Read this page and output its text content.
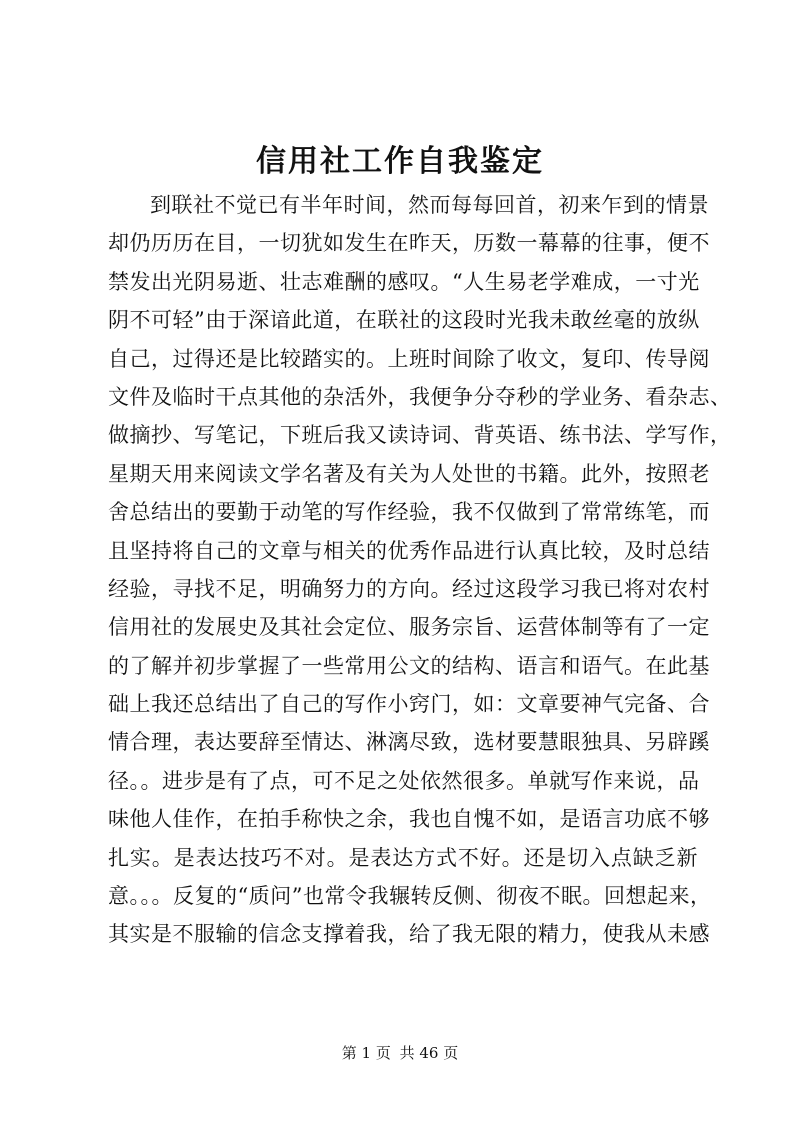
信用社工作自我鉴定
到联社不觉已有半年时间，然而每每回首，初来乍到的情景
却仍历历在目，一切犹如发生在昨天，历数一幕幕的往事，便不
禁发出光阴易逝、壮志难酬的感叹。“人生易老学难成，一寸光
阴不可轻”由于深谙此道，在联社的这段时光我未敢丝毫的放纵
自己，过得还是比较踏实的。上班时间除了收文，复印、传导阅
文件及临时干点其他的杂活外，我便争分夺秒的学业务、看杂志、
做摘抄、写笔记，下班后我又读诗词、背英语、练书法、学写作，
星期天用来阅读文学名著及有关为人处世的书籍。此外，按照老
舍总结出的要勤于动笔的写作经验，我不仅做到了常常练笔，而
且坚持将自己的文章与相关的优秀作品进行认真比较，及时总结
经验，寻找不足，明确努力的方向。经过这段学习我已将对农村
信用社的发展史及其社会定位、服务宗旨、运营体制等有了一定
的了解并初步掌握了一些常用公文的结构、语言和语气。在此基
础上我还总结出了自己的写作小窍门，如：文章要神气完备、合
情合理，表达要辞至情达、淋漓尽致，选材要慧眼独具、另辟蹊
径。。进步是有了点，可不足之处依然很多。单就写作来说，品
味他人佳作，在拍手称快之余，我也自愧不如，是语言功底不够
扎实。是表达技巧不对。是表达方式不好。还是切入点缺乏新
意。。。反复的“质问”也常令我辗转反侧、彻夜不眠。回想起来，
其实是不服输的信念支撑着我，给了我无限的精力，使我从未感
第 1 页 共 46 页
